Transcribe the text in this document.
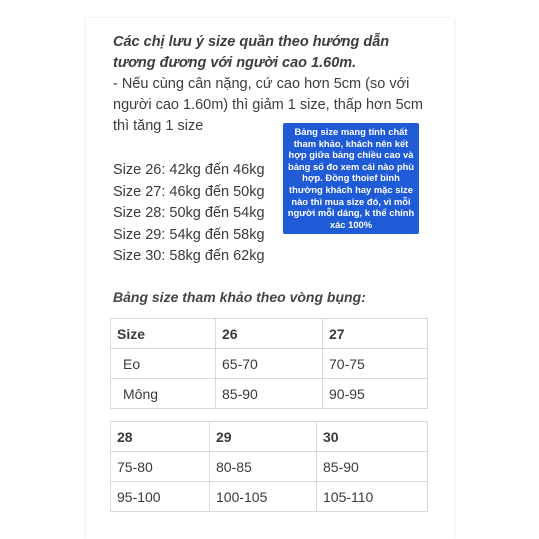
Các chị lưu ý size quần theo hướng dẫn tương đương với người cao 1.60m.

- Nếu cùng cân nặng, cứ cao hơn 5cm (so với người cao 1.60m) thì giảm 1 size, thấp hơn 5cm thì tăng 1 size

Size 26: 42kg đến 46kg
Size 27: 46kg đến 50kg
Size 28: 50kg đến 54kg
Size 29: 54kg đến 58kg
Size 30: 58kg đến 62kg
Bảng size mang tính chất tham khảo, khách nên kết hợp giữa bảng chiều cao và bảng số đo xem cái nào phù hợp. Đồng thoief bình thường khách hay mặc size nào thì mua size đó, vì mỗi người mỗi dáng, k thể chính xác 100%
Bảng size tham khảo theo vòng bụng:
Size	26	27
Eo	65-70	70-75
Mông	85-90	90-95
28	29	30
75-80	80-85	85-90
95-100	100-105	105-110
